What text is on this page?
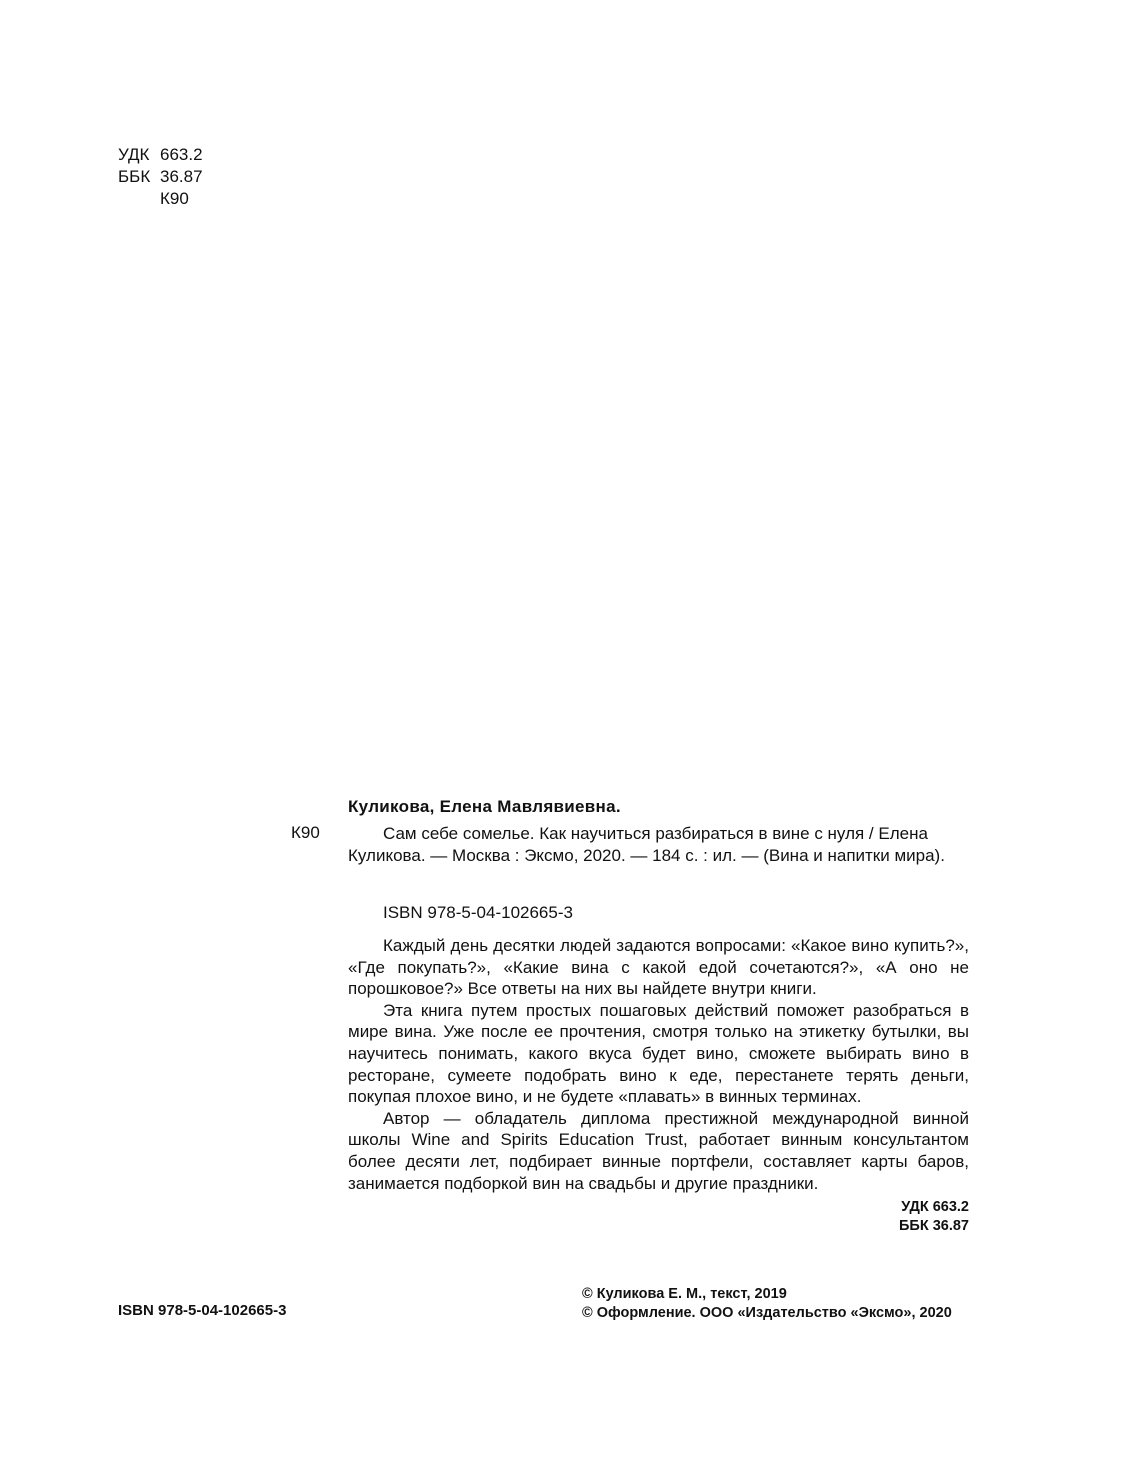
УДК 663.2
ББК 36.87
К90
Куликова, Елена Мавлявиевна.
К90	Сам себе сомелье. Как научиться разбираться в вине с нуля / Елена Куликова. — Москва : Эксмо, 2020. — 184 с. : ил. — (Вина и напитки мира).

ISBN 978-5-04-102665-3

Каждый день десятки людей задаются вопросами: «Какое вино купить?», «Где покупать?», «Какие вина с какой едой сочетаются?», «А оно не порошковое?» Все ответы на них вы найдете внутри книги.

Эта книга путем простых пошаговых действий поможет разобраться в мире вина. Уже после ее прочтения, смотря только на этикетку бутылки, вы научитесь понимать, какого вкуса будет вино, сможете выбирать вино в ресторане, сумеете подобрать вино к еде, перестанете терять деньги, покупая плохое вино, и не будете «плавать» в винных терминах.

Автор — обладатель диплома престижной международной винной школы Wine and Spirits Education Trust, работает винным консультантом более десяти лет, подбирает винные портфели, составляет карты баров, занимается подборкой вин на свадьбы и другие праздники.

УДК 663.2
ББК 36.87
ISBN 978-5-04-102665-3
© Куликова Е. М., текст, 2019
© Оформление. ООО «Издательство «Эксмо», 2020
